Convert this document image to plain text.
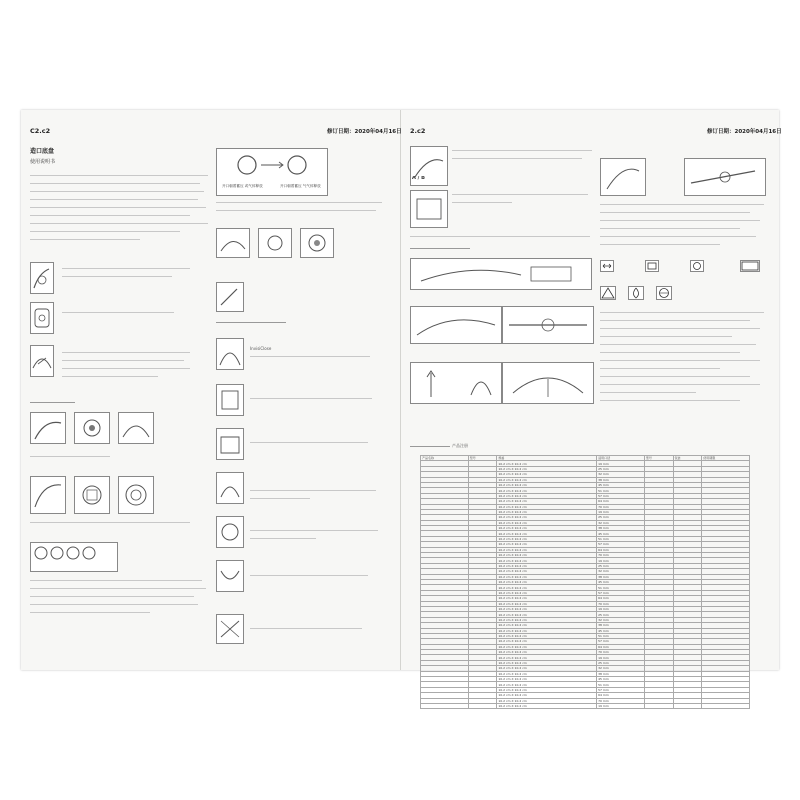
C2.c2	修订日期：2020年04月16日
造口底盘
使用说明书
开口朝着蓄压 或气体释放	开口朝着蓄压 气气体释放
InvisiClose
2.c2	修订日期：2020年04月16日
A / B
产品注册
产品名称	型号	规格	适用口径	型号	包装	使用期限
		10.2 cm X 10.2 cm	19 mm			
		10.2 cm X 10.2 cm	25 mm			
		10.2 cm X 10.2 cm	32 mm			
		10.2 cm X 10.2 cm	38 mm			
		10.2 cm X 10.2 cm	45 mm			
		10.2 cm X 10.2 cm	51 mm			
		10.2 cm X 10.2 cm	57 mm			
		10.2 cm X 10.2 cm	64 mm			
		10.2 cm X 10.2 cm	70 mm			
		10.2 cm X 10.2 cm	19 mm			
		10.2 cm X 10.2 cm	25 mm			
		10.2 cm X 10.2 cm	32 mm			
		10.2 cm X 10.2 cm	38 mm			
		10.2 cm X 10.2 cm	45 mm			
		10.2 cm X 10.2 cm	51 mm			
		10.2 cm X 10.2 cm	57 mm			
		10.2 cm X 10.2 cm	64 mm			
		10.2 cm X 10.2 cm	70 mm			
		10.2 cm X 10.2 cm	19 mm			
		10.2 cm X 10.2 cm	25 mm			
		10.2 cm X 10.2 cm	32 mm			
		10.2 cm X 10.2 cm	38 mm			
		10.2 cm X 10.2 cm	45 mm			
		10.2 cm X 10.2 cm	51 mm			
		10.2 cm X 10.2 cm	57 mm			
		10.2 cm X 10.2 cm	64 mm			
		10.2 cm X 10.2 cm	70 mm			
		10.2 cm X 10.2 cm	19 mm			
		10.2 cm X 10.2 cm	25 mm			
		10.2 cm X 10.2 cm	32 mm			
		10.2 cm X 10.2 cm	38 mm			
		10.2 cm X 10.2 cm	45 mm			
		10.2 cm X 10.2 cm	51 mm			
		10.2 cm X 10.2 cm	57 mm			
		10.2 cm X 10.2 cm	64 mm			
		10.2 cm X 10.2 cm	70 mm			
		10.2 cm X 10.2 cm	19 mm			
		10.2 cm X 10.2 cm	25 mm			
		10.2 cm X 10.2 cm	32 mm			
		10.2 cm X 10.2 cm	38 mm			
		10.2 cm X 10.2 cm	45 mm			
		10.2 cm X 10.2 cm	51 mm			
		10.2 cm X 10.2 cm	57 mm			
		10.2 cm X 10.2 cm	64 mm			
		10.2 cm X 10.2 cm	70 mm			
		10.2 cm X 10.2 cm	19 mm			
